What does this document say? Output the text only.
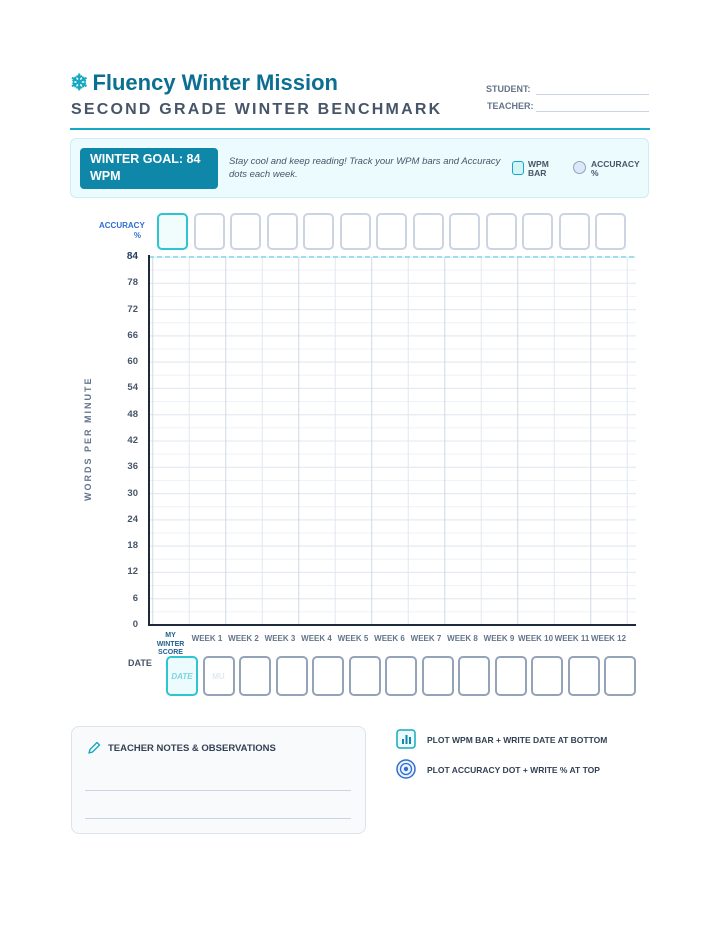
❄ Fluency Winter Mission
SECOND GRADE WINTER BENCHMARK
STUDENT:
TEACHER:
WINTER GOAL: 84 WPM
Stay cool and keep reading! Track your WPM bars and Accuracy dots each week.
WPM BAR
ACCURACY %
ACCURACY %
WORDS PER MINUTE
84
78
72
66
60
54
48
42
36
30
24
18
12
6
0
MY WINTER SCORE
WEEK 1 WEEK 2 WEEK 3 WEEK 4 WEEK 5 WEEK 6 WEEK 7 WEEK 8 WEEK 9 WEEK 10 WEEK 11 WEEK 12
DATE
DATE	MU
TEACHER NOTES & OBSERVATIONS
PLOT WPM BAR + WRITE DATE AT BOTTOM
PLOT ACCURACY DOT + WRITE % AT TOP
